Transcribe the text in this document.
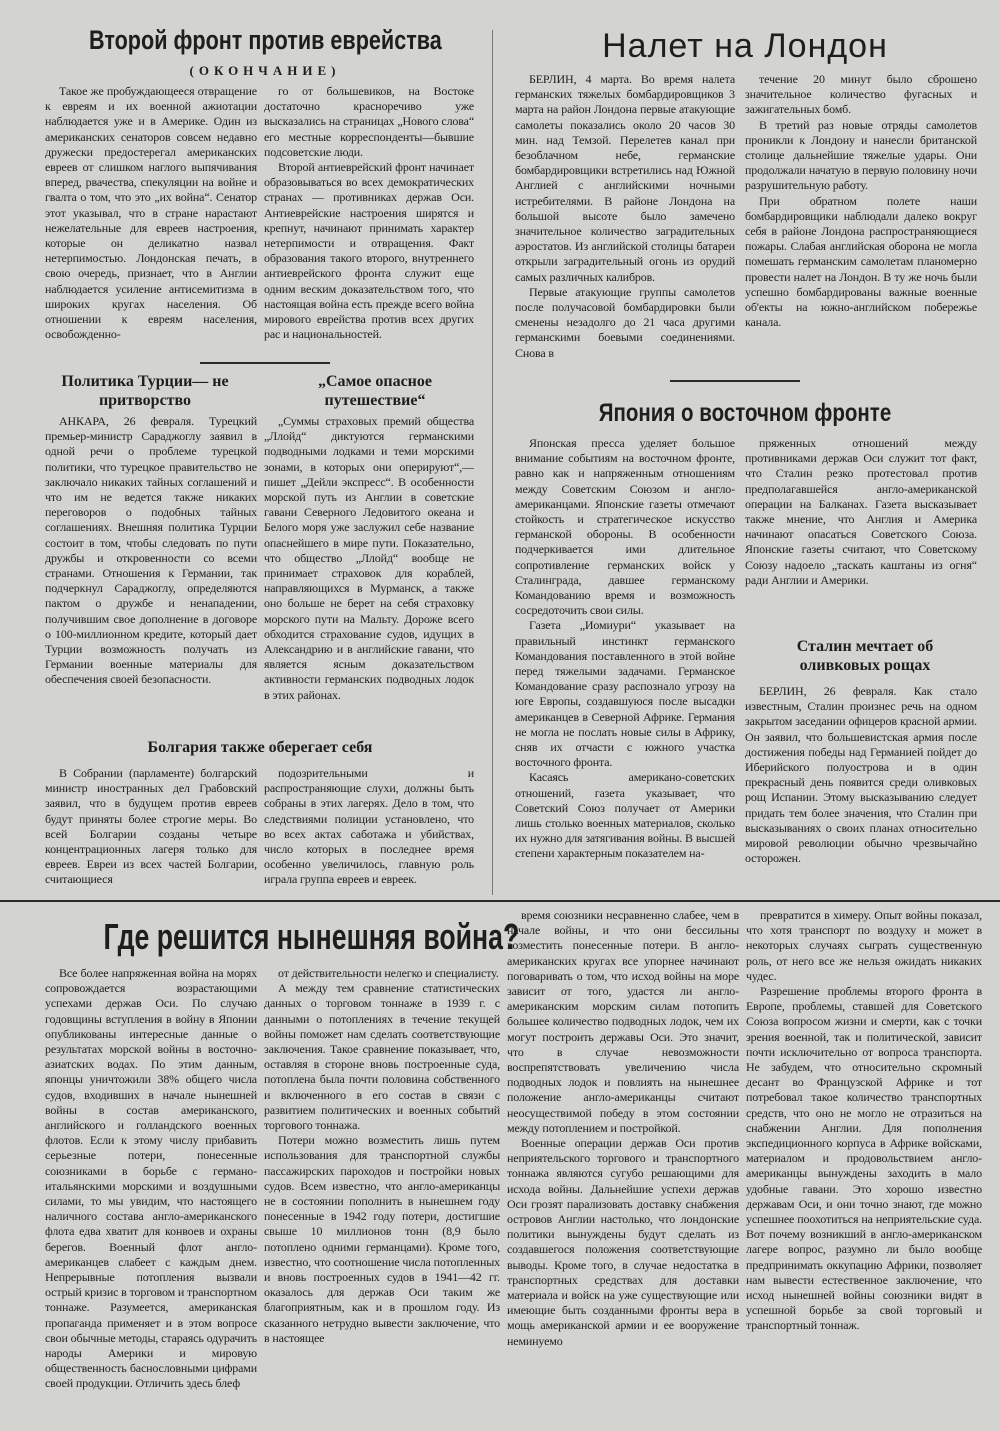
Второй фронт против еврейства
(ОКОНЧАНИЕ)
Налет на Лондон

Такое же пробуждающееся отвращение к евреям и их военной ажиотации наблюдается уже и в Америке. Один из американских сенаторов совсем недавно дружески предостерегал американских евреев от слишком наглого выпячивания вперед, рвачества, спекуляции на войне и гвалта о том, что это „их война“. Сенатор этот указывал, что в стране нарастают нежелательные для евреев настроения, которые он деликатно назвал нетерпимостью. Лондонская печать, в свою очередь, признает, что в Англии наблюдается усиление антисемитизма в широких кругах населения. Об отношении к евреям населения, освобожденно-

го от большевиков, на Востоке достаточно красноречиво уже высказались на страницах „Нового слова“ его местные корреспонденты—бывшие подсоветские люди.

Второй антиеврейский фронт начинает образовываться во всех демократических странах — противниках держав Оси. Антиеврейские настроения ширятся и крепнут, начинают принимать характер нетерпимости и отвращения. Факт образования такого второго, внутреннего антиеврейского фронта служит еще одним веским доказательством того, что настоящая война есть прежде всего война мирового еврейства против всех других рас и национальностей.

Политика Турции— не притворство

АНКАРА, 26 февраля. Турецкий премьер-министр Сараджоглу заявил в одной речи о проблеме турецкой политики, что турецкое правительство не заключало никаких тайных соглашений и что им не ведется также никаких переговоров о подобных тайных соглашениях. Внешняя политика Турции состоит в том, чтобы следовать по пути дружбы и откровенности со всеми странами. Отношения к Германии, так подчеркнул Сараджоглу, определяются пактом о дружбе и ненападении, получившим свое дополнение в договоре о 100-миллионном кредите, который дает Турции возможность получать из Германии военные материалы для обеспечения своей безопасности.

„Самое опасное путешествие“

„Суммы страховых премий общества „Ллойд“ диктуются германскими подводными лодками и теми морскими зонами, в которых они оперируют“,—пишет „Дейли экспресс“. В особенности морской путь из Англии в советские гавани Северного Ледовитого океана и Белого моря уже заслужил себе название опаснейшего в мире пути. Показательно, что общество „Ллойд“ вообще не принимает страховок для кораблей, направляющихся в Мурманск, а также оно больше не берет на себя страховку морского пути на Мальту. Дороже всего обходится страхование судов, идущих в Александрию и в английские гавани, что является ясным доказательством активности германских подводных лодок в этих районах.

Болгария также оберегает себя

В Собрании (парламенте) болгарский министр иностранных дел Грабовский заявил, что в будущем против евреев будут приняты более строгие меры. Во всей Болгарии созданы четыре концентрационных лагеря только для евреев. Евреи из всех частей Болгарии, считающиеся

подозрительными и распространяющие слухи, должны быть собраны в этих лагерях. Дело в том, что следствиями полиции установлено, что во всех актах саботажа и убийствах, число которых в последнее время особенно увеличилось, главную роль играла группа евреев и евреек.

БЕРЛИН, 4 марта. Во время налета германских тяжелых бомбардировщиков 3 марта на район Лондона первые атакующие самолеты показались около 20 часов 30 мин. над Темзой. Перелетев канал при безоблачном небе, германские бомбардировщики встретились над Южной Англией с английскими ночными истребителями. В районе Лондона на большой высоте было замечено значительное количество заградительных аэростатов. Из английской столицы батареи открыли заградительный огонь из орудий самых различных калибров.

Первые атакующие группы самолетов после получасовой бомбардировки были сменены незадолго до 21 часа другими германскими боевыми соединениями. Снова в

течение 20 минут было сброшено значительное количество фугасных и зажигательных бомб.

В третий раз новые отряды самолетов проникли к Лондону и нанесли британской столице дальнейшие тяжелые удары. Они продолжали начатую в первую половину ночи разрушительную работу.

При обратном полете наши бомбардировщики наблюдали далеко вокруг себя в районе Лондона распространяющиеся пожары. Слабая английская оборона не могла помешать германским самолетам планомерно провести налет на Лондон. В ту же ночь были успешно бомбардированы важные военные об'екты на южно-английском побережье канала.

Япония о восточном фронте

Японская пресса уделяет большое внимание событиям на восточном фронте, равно как и напряженным отношениям между Советским Союзом и англо-американцами. Японские газеты отмечают стойкость и стратегическое искусство германской обороны. В особенности подчеркивается ими длительное сопротивление германских войск у Сталинграда, давшее германскому Командованию время и возможность сосредоточить свои силы.

Газета „Иомиури“ указывает на правильный инстинкт германского Командования поставленного в этой войне перед тяжелыми задачами. Германское Командование сразу распознало угрозу на юге Европы, создавшуюся после высадки американцев в Северной Африке. Германия не могла не послать новые силы в Африку, сняв их отчасти с южного участка восточного фронта.

Касаясь американо-советских отношений, газета указывает, что Советский Союз получает от Америки лишь столько военных материалов, сколько их нужно для затягивания войны. В высшей степени характерным показателем на-

пряженных отношений между противниками держав Оси служит тот факт, что Сталин резко протестовал против предполагавшейся англо-американской операции на Балканах. Газета высказывает также мнение, что Англия и Америка начинают опасаться Советского Союза. Японские газеты считают, что Советскому Союзу надоело „таскать каштаны из огня“ ради Англии и Америки.

Сталин мечтает об оливковых рощах

БЕРЛИН, 26 февраля. Как стало известным, Сталин произнес речь на одном закрытом заседании офицеров красной армии. Он заявил, что большевистская армия после достижения победы над Германией пойдет до Иберийского полуострова и в один прекрасный день появится среди оливковых рощ Испании. Этому высказыванию следует придать тем более значения, что Сталин при высказываниях о своих планах относительно мировой революции обычно чрезвычайно осторожен.

Где решится нынешняя война?

Все более напряженная война на морях сопровождается возрастающими успехами держав Оси. По случаю годовщины вступления в войну в Японии опубликованы интересные данные о результатах морской войны в восточно-азиатских водах. По этим данным, японцы уничтожили 38% общего числа судов, входивших в начале нынешней войны в состав американского, английского и голландского военных флотов. Если к этому числу прибавить серьезные потери, понесенные союзниками в борьбе с германо-итальянскими морскими и воздушными силами, то мы увидим, что настоящего наличного состава англо-американского флота едва хватит для конвоев и охраны берегов. Военный флот англо-американцев слабеет с каждым днем. Непрерывные потопления вызвали острый кризис в торговом и транспортном тоннаже. Разумеется, американская пропаганда применяет и в этом вопросе свои обычные методы, стараясь одурачить народы Америки и мировую общественность баснословными цифрами своей продукции. Отличить здесь блеф

от действительности нелегко и специалисту.

А между тем сравнение статистических данных о торговом тоннаже в 1939 г. с данными о потоплениях в течение текущей войны поможет нам сделать соответствующие заключения. Такое сравнение показывает, что, оставляя в стороне вновь построенные суда, потоплена была почти половина собственного и включенного в его состав в связи с развитием политических и военных событий торгового тоннажа.

Потери можно возместить лишь путем использования для транспортной службы пассажирских пароходов и постройки новых судов. Всем известно, что англо-американцы не в состоянии пополнить в нынешнем году понесенные в 1942 году потери, достигшие свыше 10 миллионов тонн (8,9 было потоплено одними германцами). Кроме того, известно, что соотношение числа потопленных и вновь построенных судов в 1941—42 гг. оказалось для держав Оси таким же благоприятным, как и в прошлом году. Из сказанного нетрудно вывести заключение, что в настоящее

время союзники несравненно слабее, чем в начале войны, и что они бессильны возместить понесенные потери. В англо-американских кругах все упорнее начинают поговаривать о том, что исход войны на море зависит от того, удастся ли англо-американским морским силам потопить большее количество подводных лодок, чем их могут построить державы Оси. Это значит, что в случае невозможности воспрепятствовать увеличению числа подводных лодок и повлиять на нынешнее положение англо-американцы считают неосуществимой победу в этом состоянии между потоплением и постройкой.

Военные операции держав Оси против неприятельского торгового и транспортного тоннажа являются сугубо решающими для исхода войны. Дальнейшие успехи держав Оси грозят парализовать доставку снабжения островов Англии настолько, что лондонские политики вынуждены будут сделать из создавшегося положения соответствующие выводы. Кроме того, в случае недостатка в транспортных средствах для доставки материала и войск на уже существующие или имеющие быть созданными фронты вера в мощь американской армии и ее вооружение неминуемо

превратится в химеру. Опыт войны показал, что хотя транспорт по воздуху и может в некоторых случаях сыграть существенную роль, от него все же нельзя ожидать никаких чудес.

Разрешение проблемы второго фронта в Европе, проблемы, ставшей для Советского Союза вопросом жизни и смерти, как с точки зрения военной, так и политической, зависит почти исключительно от вопроса транспорта. Не забудем, что относительно скромный десант во Французской Африке и тот потребовал такое количество транспортных средств, что оно не могло не отразиться на снабжении Англии. Для пополнения экспедиционного корпуса в Африке войсками, материалом и продовольствием англо-американцы вынуждены заходить в мало удобные гавани. Это хорошо известно державам Оси, и они точно знают, где можно успешнее поохотиться на неприятельские суда. Вот почему возникший в англо-американском лагере вопрос, разумно ли было вообще предпринимать оккупацию Африки, позволяет нам вывести естественное заключение, что исход нынешней войны союзники видят в успешной борьбе за свой торговый и транспортный тоннаж.
